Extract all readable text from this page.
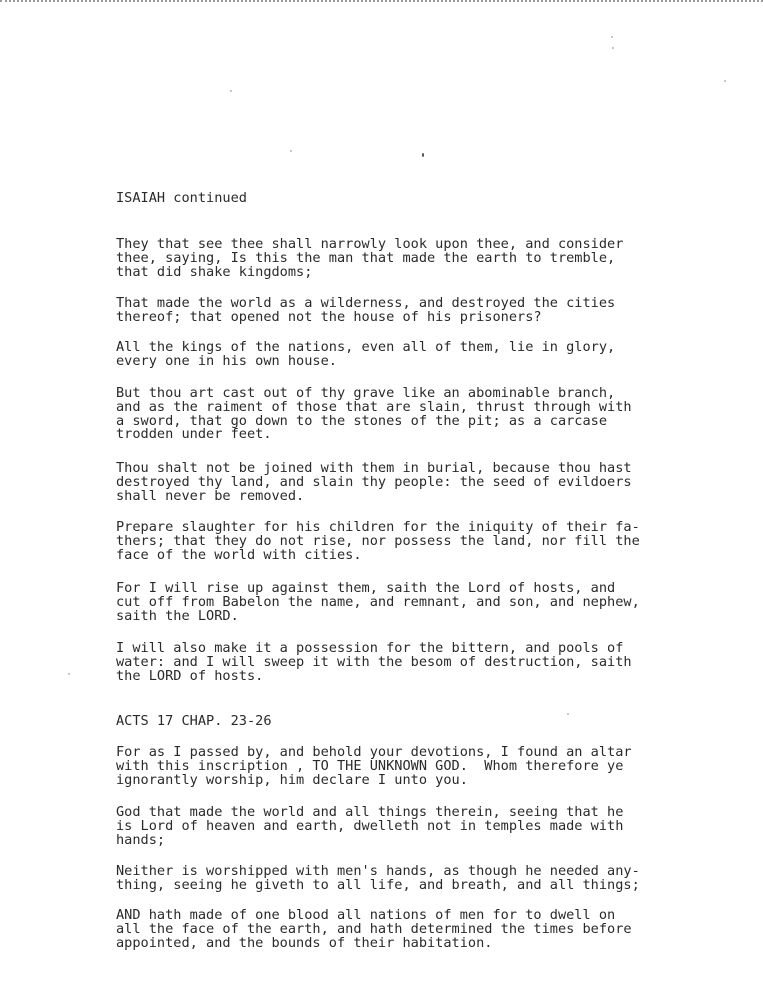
ISAIAH continued

They that see thee shall narrowly look upon thee, and consider
thee, saying, Is this the man that made the earth to tremble,
that did shake kingdoms;

That made the world as a wilderness, and destroyed the cities
thereof; that opened not the house of his prisoners?

All the kings of the nations, even all of them, lie in glory,
every one in his own house.

But thou art cast out of thy grave like an abominable branch,
and as the raiment of those that are slain, thrust through with
a sword, that go down to the stones of the pit; as a carcase
trodden under feet.

Thou shalt not be joined with them in burial, because thou hast
destroyed thy land, and slain thy people: the seed of evildoers
shall never be removed.

Prepare slaughter for his children for the iniquity of their fa-
thers; that they do not rise, nor possess the land, nor fill the
face of the world with cities.

For I will rise up against them, saith the Lord of hosts, and
cut off from Babelon the name, and remnant, and son, and nephew,
saith the LORD.

I will also make it a possession for the bittern, and pools of
water: and I will sweep it with the besom of destruction, saith
the LORD of hosts.

ACTS 17 CHAP. 23-26

For as I passed by, and behold your devotions, I found an altar
with this inscription , TO THE UNKNOWN GOD.  Whom therefore ye
ignorantly worship, him declare I unto you.

God that made the world and all things therein, seeing that he
is Lord of heaven and earth, dwelleth not in temples made with
hands;

Neither is worshipped with men's hands, as though he needed any-
thing, seeing he giveth to all life, and breath, and all things;

AND hath made of one blood all nations of men for to dwell on
all the face of the earth, and hath determined the times before
appointed, and the bounds of their habitation.
